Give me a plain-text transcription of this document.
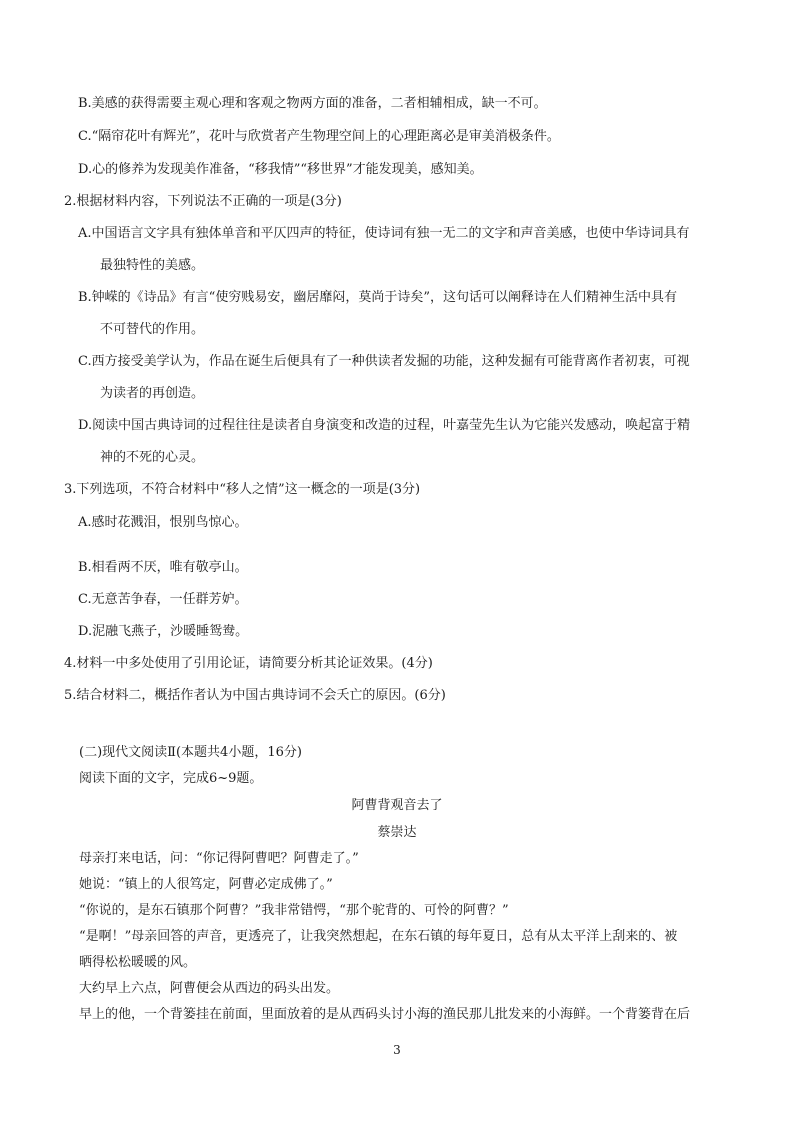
B.美感的获得需要主观心理和客观之物两方面的准备，二者相辅相成，缺一不可。
C.“隔帘花叶有辉光”，花叶与欣赏者产生物理空间上的心理距离必是审美消极条件。
D.心的修养为发现美作准备，“移我情”“移世界”才能发现美，感知美。
2.根据材料内容，下列说法不正确的一项是(3分)
A.中国语言文字具有独体单音和平仄四声的特征，使诗词有独一无二的文字和声音美感，也使中华诗词具有
最独特性的美感。
B.钟嵘的《诗品》有言“使穷贱易安，幽居靡闷，莫尚于诗矣”，这句话可以阐释诗在人们精神生活中具有
不可替代的作用。
C.西方接受美学认为，作品在诞生后便具有了一种供读者发掘的功能，这种发掘有可能背离作者初衷，可视
为读者的再创造。
D.阅读中国古典诗词的过程往往是读者自身演变和改造的过程，叶嘉莹先生认为它能兴发感动，唤起富于精
神的不死的心灵。
3.下列选项，不符合材料中“移人之情”这一概念的一项是(3分)
A.感时花溅泪，恨别鸟惊心。
B.相看两不厌，唯有敬亭山。
C.无意苦争春，一任群芳妒。
D.泥融飞燕子，沙暖睡鸳鸯。
4.材料一中多处使用了引用论证，请简要分析其论证效果。(4分)
5.结合材料二，概括作者认为中国古典诗词不会夭亡的原因。(6分)
(二)现代文阅读Ⅱ(本题共4小题，16分)
阅读下面的文字，完成6~9题。
阿曹背观音去了
蔡崇达
母亲打来电话，问：“你记得阿曹吧？阿曹走了。”
她说：“镇上的人很笃定，阿曹必定成佛了。”
“你说的，是东石镇那个阿曹？”我非常错愕，“那个驼背的、可怜的阿曹？”
“是啊！”母亲回答的声音，更透亮了，让我突然想起，在东石镇的每年夏日，总有从太平洋上刮来的、被
晒得松松暖暖的风。
大约早上六点，阿曹便会从西边的码头出发。
早上的他，一个背篓挂在前面，里面放着的是从西码头讨小海的渔民那儿批发来的小海鲜。一个背篓背在后
3
